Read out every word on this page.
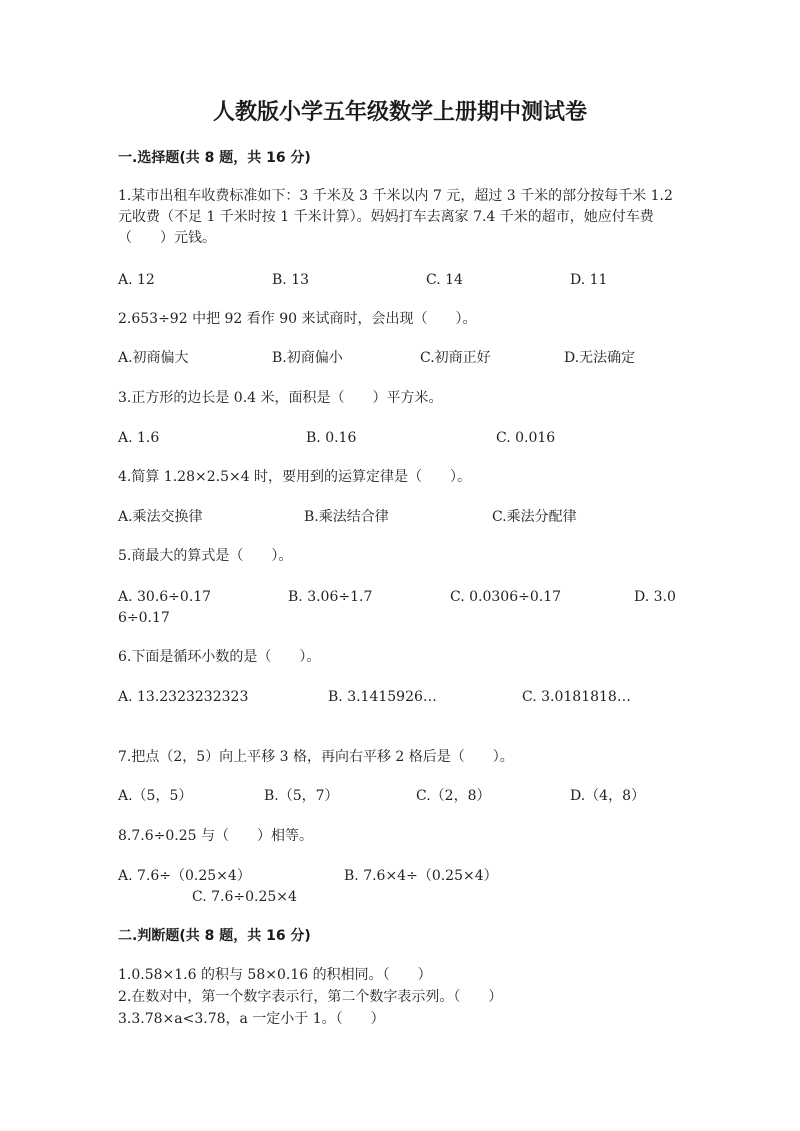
人教版小学五年级数学上册期中测试卷
一.选择题(共 8 题，共 16 分)
1.某市出租车收费标准如下：3 千米及 3 千米以内 7 元，超过 3 千米的部分按每千米 1.2 元收费（不足 1 千米时按 1 千米计算）。妈妈打车去离家 7.4 千米的超市，她应付车费（　　）元钱。
A. 12	B. 13	C. 14	D. 11
2.653÷92 中把 92 看作 90 来试商时，会出现（　　）。
A.初商偏大	B.初商偏小	C.初商正好	D.无法确定
3.正方形的边长是 0.4 米，面积是（　　）平方米。
A. 1.6	B. 0.16	C. 0.016
4.简算 1.28×2.5×4 时，要用到的运算定律是（　　）。
A.乘法交换律	B.乘法结合律	C.乘法分配律
5.商最大的算式是（　　）。
A. 30.6÷0.17	B. 3.06÷1.7	C. 0.0306÷0.17	D. 3.0
6÷0.17
6.下面是循环小数的是（　　）。
A. 13.2323232323	B. 3.1415926…	C. 3.0181818…
7.把点（2，5）向上平移 3 格，再向右平移 2 格后是（　　）。
A.（5，5）	B.（5，7）	C.（2，8）	D.（4，8）
8.7.6÷0.25 与（　　）相等。
A. 7.6÷（0.25×4）	B. 7.6×4÷（0.25×4）
C. 7.6÷0.25×4
二.判断题(共 8 题，共 16 分)
1.0.58×1.6 的积与 58×0.16 的积相同。（　　）
2.在数对中，第一个数字表示行，第二个数字表示列。（　　）
3.3.78×a<3.78，a 一定小于 1。（　　）
